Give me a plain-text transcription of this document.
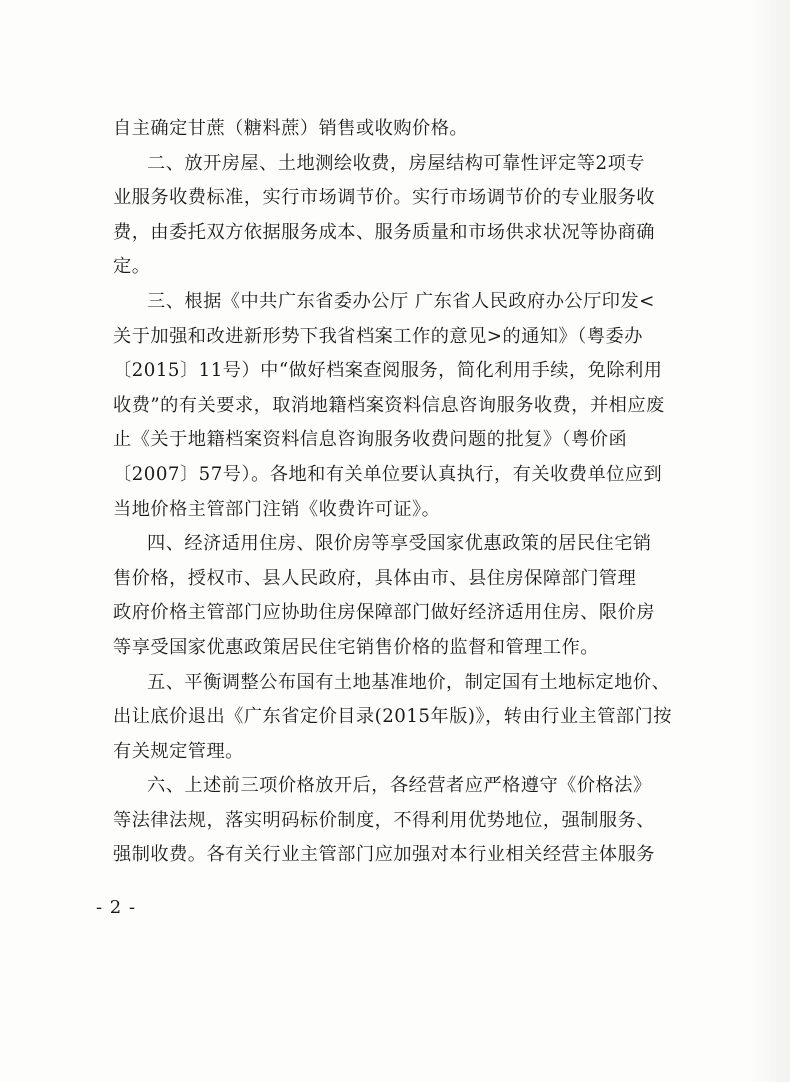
自主确定甘蔗（糖料蔗）销售或收购价格。
二、放开房屋、土地测绘收费，房屋结构可靠性评定等2项专
业服务收费标准，实行市场调节价。实行市场调节价的专业服务收
费，由委托双方依据服务成本、服务质量和市场供求状况等协商确
定。
三、根据《中共广东省委办公厅 广东省人民政府办公厅印发<
关于加强和改进新形势下我省档案工作的意见>的通知》（粤委办
〔2015〕11号）中“做好档案查阅服务，简化利用手续，免除利用
收费”的有关要求，取消地籍档案资料信息咨询服务收费，并相应废
止《关于地籍档案资料信息咨询服务收费问题的批复》（粤价函
〔2007〕57号）。各地和有关单位要认真执行，有关收费单位应到
当地价格主管部门注销《收费许可证》。
四、经济适用住房、限价房等享受国家优惠政策的居民住宅销
售价格，授权市、县人民政府，具体由市、县住房保障部门管理
政府价格主管部门应协助住房保障部门做好经济适用住房、限价房
等享受国家优惠政策居民住宅销售价格的监督和管理工作。
五、平衡调整公布国有土地基准地价，制定国有土地标定地价、
出让底价退出《广东省定价目录(2015年版)》，转由行业主管部门按
有关规定管理。
六、上述前三项价格放开后，各经营者应严格遵守《价格法》
等法律法规，落实明码标价制度，不得利用优势地位，强制服务、
强制收费。各有关行业主管部门应加强对本行业相关经营主体服务
- 2 -
